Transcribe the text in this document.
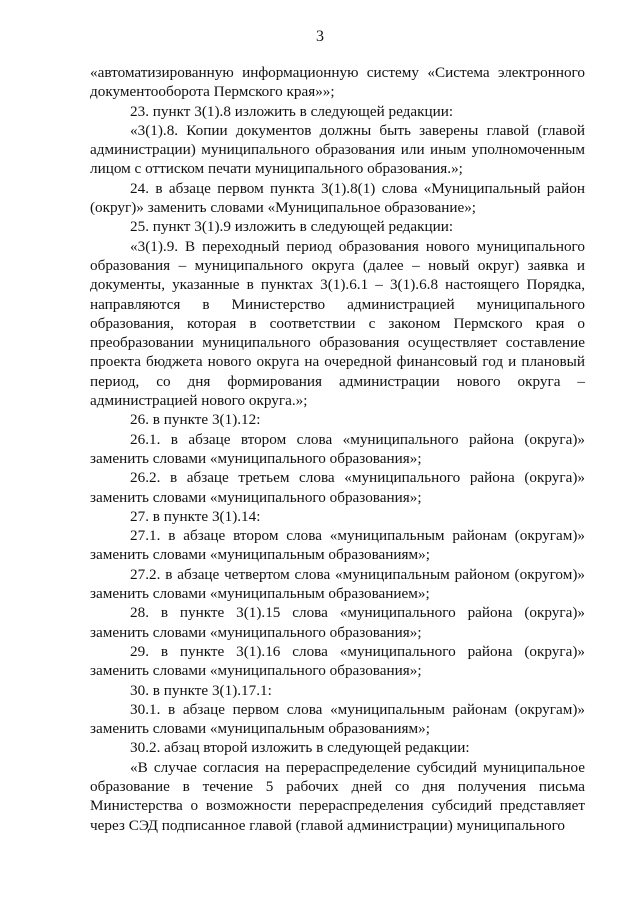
3

«автоматизированную информационную систему «Система электронного документооборота Пермского края»»;

23. пункт 3(1).8 изложить в следующей редакции:

«3(1).8. Копии документов должны быть заверены главой (главой администрации) муниципального образования или иным уполномоченным лицом с оттиском печати муниципального образования.»;

24. в абзаце первом пункта 3(1).8(1) слова «Муниципальный район (округ)» заменить словами «Муниципальное образование»;

25. пункт 3(1).9 изложить в следующей редакции:

«3(1).9. В переходный период образования нового муниципального образования – муниципального округа (далее – новый округ) заявка и документы, указанные в пунктах 3(1).6.1 – 3(1).6.8 настоящего Порядка, направляются в Министерство администрацией муниципального образования, которая в соответствии с законом Пермского края о преобразовании муниципального образования осуществляет составление проекта бюджета нового округа на очередной финансовый год и плановый период, со дня формирования администрации нового округа – администрацией нового округа.»;

26. в пункте 3(1).12:

26.1. в абзаце втором слова «муниципального района (округа)» заменить словами «муниципального образования»;

26.2. в абзаце третьем слова «муниципального района (округа)» заменить словами «муниципального образования»;

27. в пункте 3(1).14:

27.1. в абзаце втором слова «муниципальным районам (округам)» заменить словами «муниципальным образованиям»;

27.2. в абзаце четвертом слова «муниципальным районом (округом)» заменить словами «муниципальным образованием»;

28. в пункте 3(1).15 слова «муниципального района (округа)» заменить словами «муниципального образования»;

29. в пункте 3(1).16 слова «муниципального района (округа)» заменить словами «муниципального образования»;

30. в пункте 3(1).17.1:

30.1. в абзаце первом слова «муниципальным районам (округам)» заменить словами «муниципальным образованиям»;

30.2. абзац второй изложить в следующей редакции:

«В случае согласия на перераспределение субсидий муниципальное образование в течение 5 рабочих дней со дня получения письма Министерства о возможности перераспределения субсидий представляет через СЭД подписанное главой (главой администрации) муниципального
